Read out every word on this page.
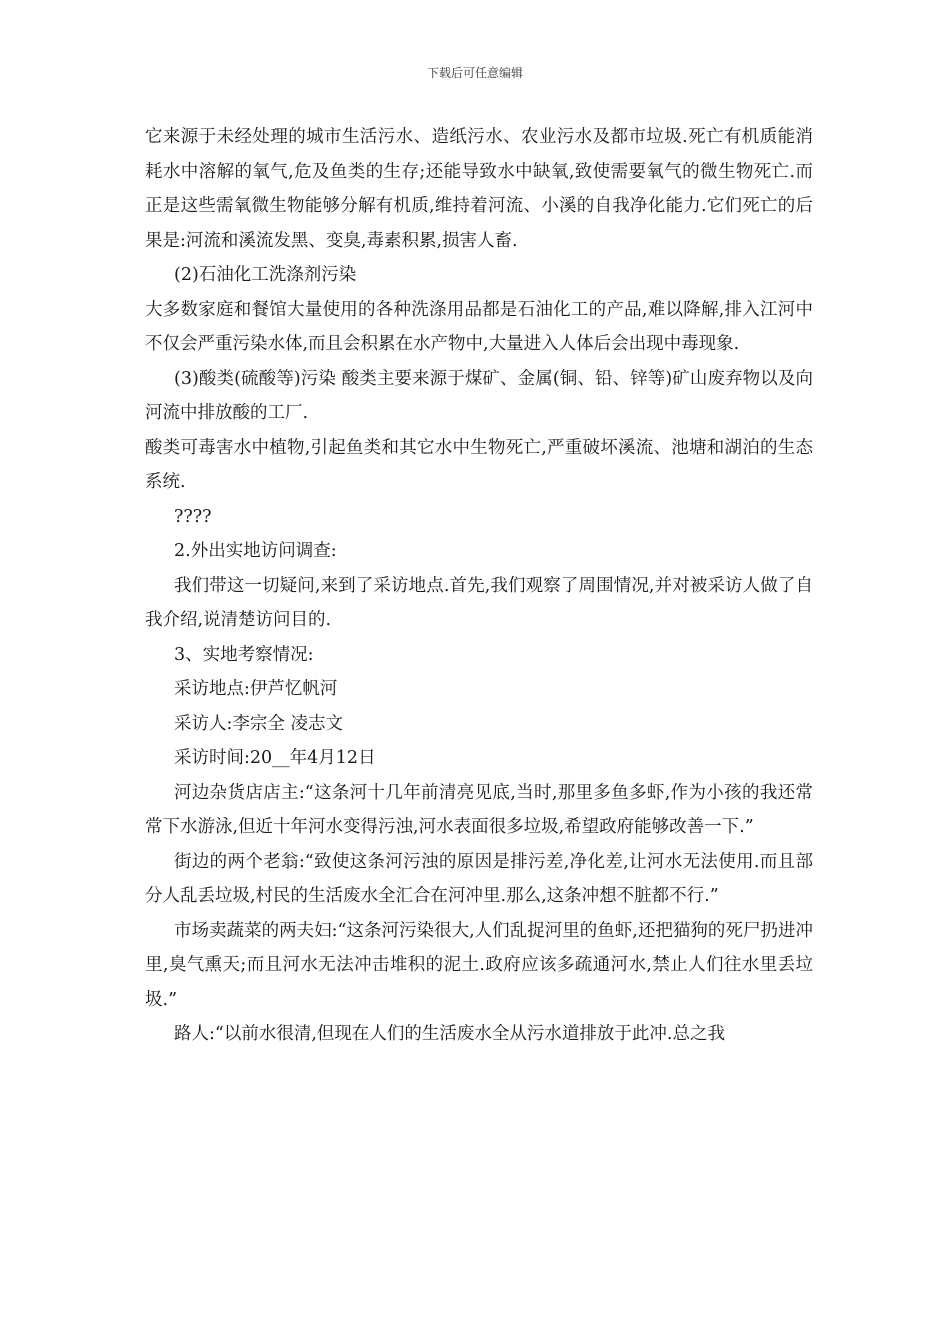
下载后可任意编辑

它来源于未经处理的城市生活污水、造纸污水、农业污水及都市垃圾.死亡有机质能消耗水中溶解的氧气,危及鱼类的生存;还能导致水中缺氧,致使需要氧气的微生物死亡.而正是这些需氧微生物能够分解有机质,维持着河流、小溪的自我净化能力.它们死亡的后果是:河流和溪流发黑、变臭,毒素积累,损害人畜.

(2)石油化工洗涤剂污染

大多数家庭和餐馆大量使用的各种洗涤用品都是石油化工的产品,难以降解,排入江河中不仅会严重污染水体,而且会积累在水产物中,大量进入人体后会出现中毒现象.

(3)酸类(硫酸等)污染 酸类主要来源于煤矿、金属(铜、铅、锌等)矿山废弃物以及向河流中排放酸的工厂.

酸类可毒害水中植物,引起鱼类和其它水中生物死亡,严重破坏溪流、池塘和湖泊的生态系统.

????

2.外出实地访问调查:

我们带这一切疑问,来到了采访地点.首先,我们观察了周围情况,并对被采访人做了自我介绍,说清楚访问目的.

3、实地考察情况:

采访地点:伊芦忆帆河

采访人:李宗全 凌志文

采访时间:20__年4月12日

河边杂货店店主:“这条河十几年前清亮见底,当时,那里多鱼多虾,作为小孩的我还常常下水游泳,但近十年河水变得污浊,河水表面很多垃圾,希望政府能够改善一下.”

街边的两个老翁:“致使这条河污浊的原因是排污差,净化差,让河水无法使用.而且部分人乱丢垃圾,村民的生活废水全汇合在河冲里.那么,这条冲想不脏都不行.”

市场卖蔬菜的两夫妇:“这条河污染很大,人们乱捉河里的鱼虾,还把猫狗的死尸扔进冲里,臭气熏天;而且河水无法冲击堆积的泥土.政府应该多疏通河水,禁止人们往水里丢垃圾.”

路人:“以前水很清,但现在人们的生活废水全从污水道排放于此冲.总之我
